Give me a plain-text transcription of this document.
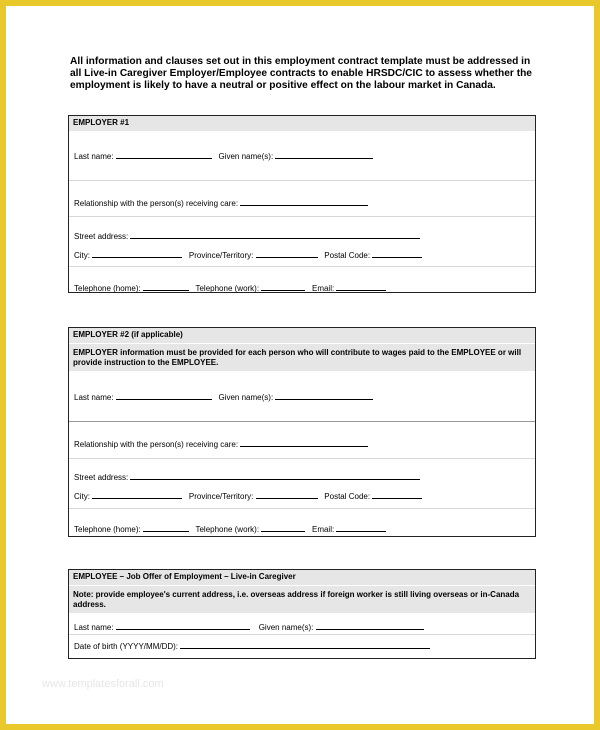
All information and clauses set out in this employment contract template must be addressed in all Live-in Caregiver Employer/Employee contracts to enable HRSDC/CIC to assess whether the employment is likely to have a neutral or positive effect on the labour market in Canada.
EMPLOYER #1
Last name:	Given name(s):
Relationship with the person(s) receiving care:
Street address:
City:	Province/Territory:	Postal Code:
Telephone (home):	Telephone (work):	Email:
EMPLOYER #2 (if applicable)
EMPLOYER information must be provided for each person who will contribute to wages paid to the EMPLOYEE or will provide instruction to the EMPLOYEE.
Last name:	Given name(s):
Relationship with the person(s) receiving care:
Street address:
City:	Province/Territory:	Postal Code:
Telephone (home):	Telephone (work):	Email:
EMPLOYEE – Job Offer of Employment – Live-in Caregiver
Note: provide employee's current address, i.e. overseas address if foreign worker is still living overseas or in-Canada address.
Last name:	Given name(s):
Date of birth (YYYY/MM/DD):
www.templatesforall.com
